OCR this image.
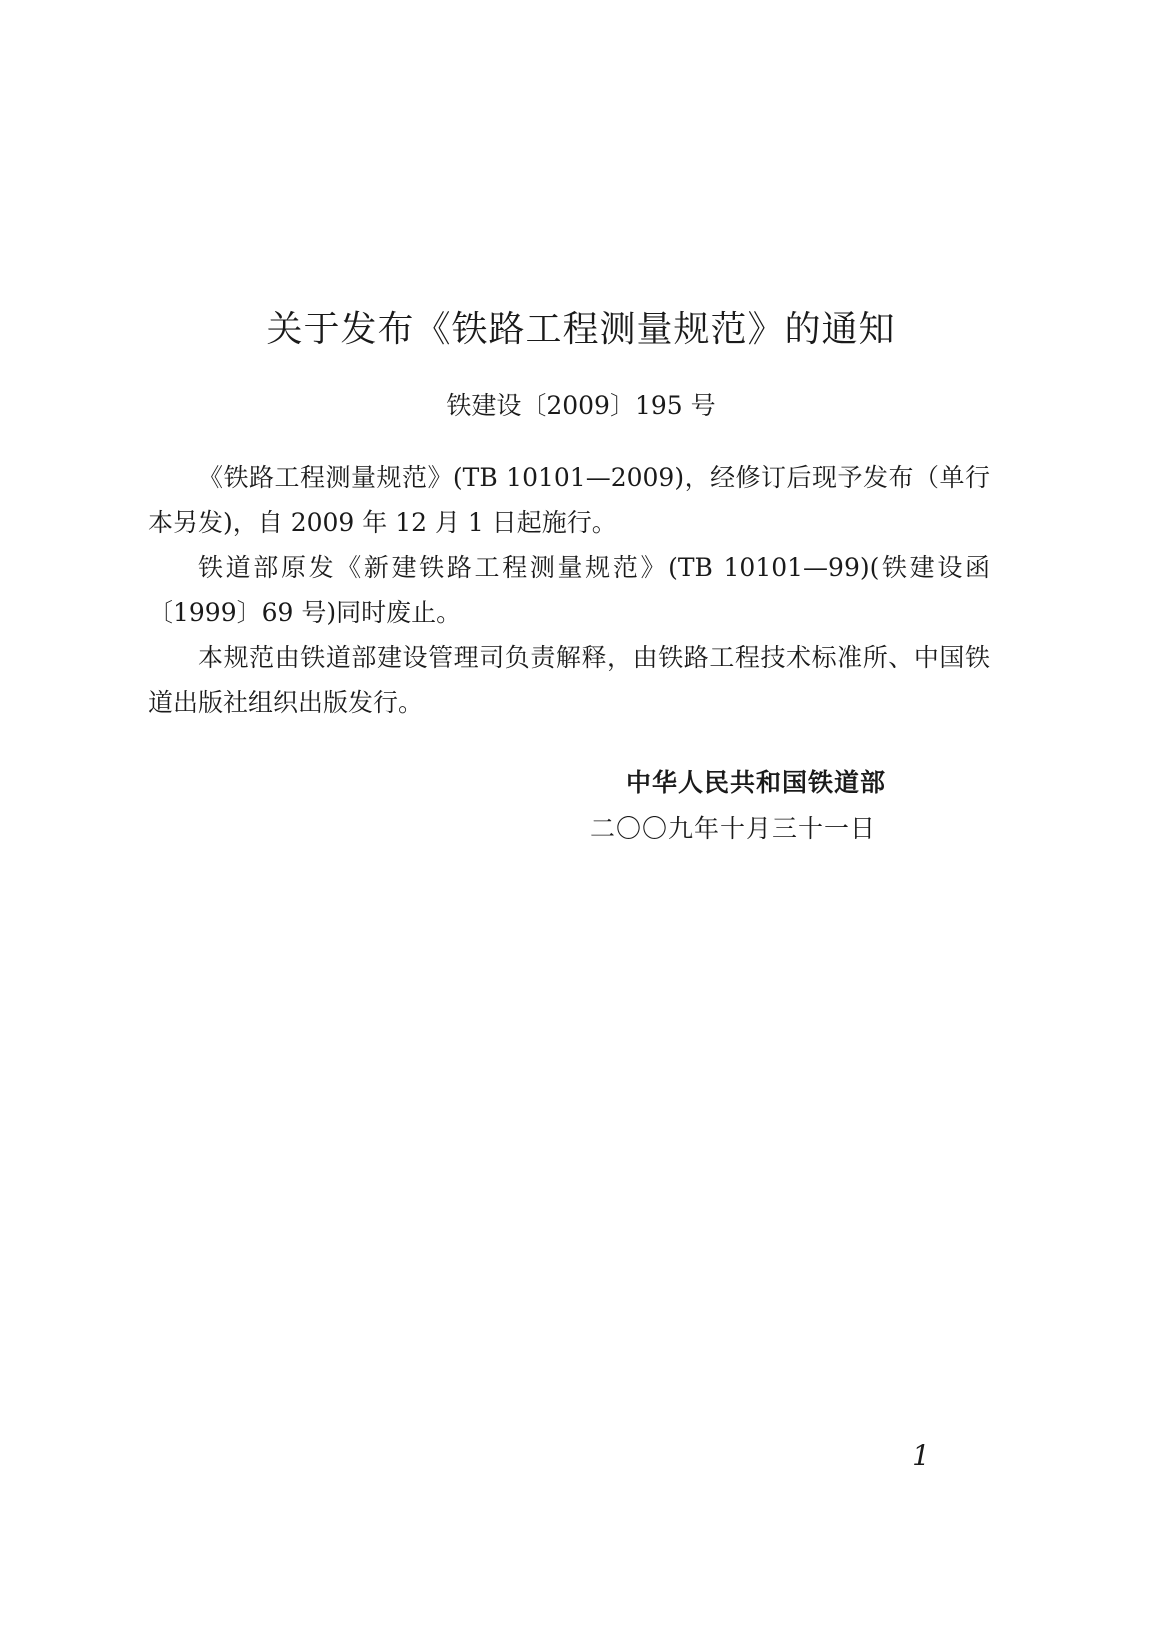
关于发布《铁路工程测量规范》的通知
铁建设〔2009〕195 号

《铁路工程测量规范》(TB 10101—2009)，经修订后现予发布（单行本另发)，自 2009 年 12 月 1 日起施行。

铁道部原发《新建铁路工程测量规范》(TB 10101—99)(铁建设函〔1999〕69 号)同时废止。

本规范由铁道部建设管理司负责解释，由铁路工程技术标准所、中国铁道出版社组织出版发行。

中华人民共和国铁道部
二〇〇九年十月三十一日
1
